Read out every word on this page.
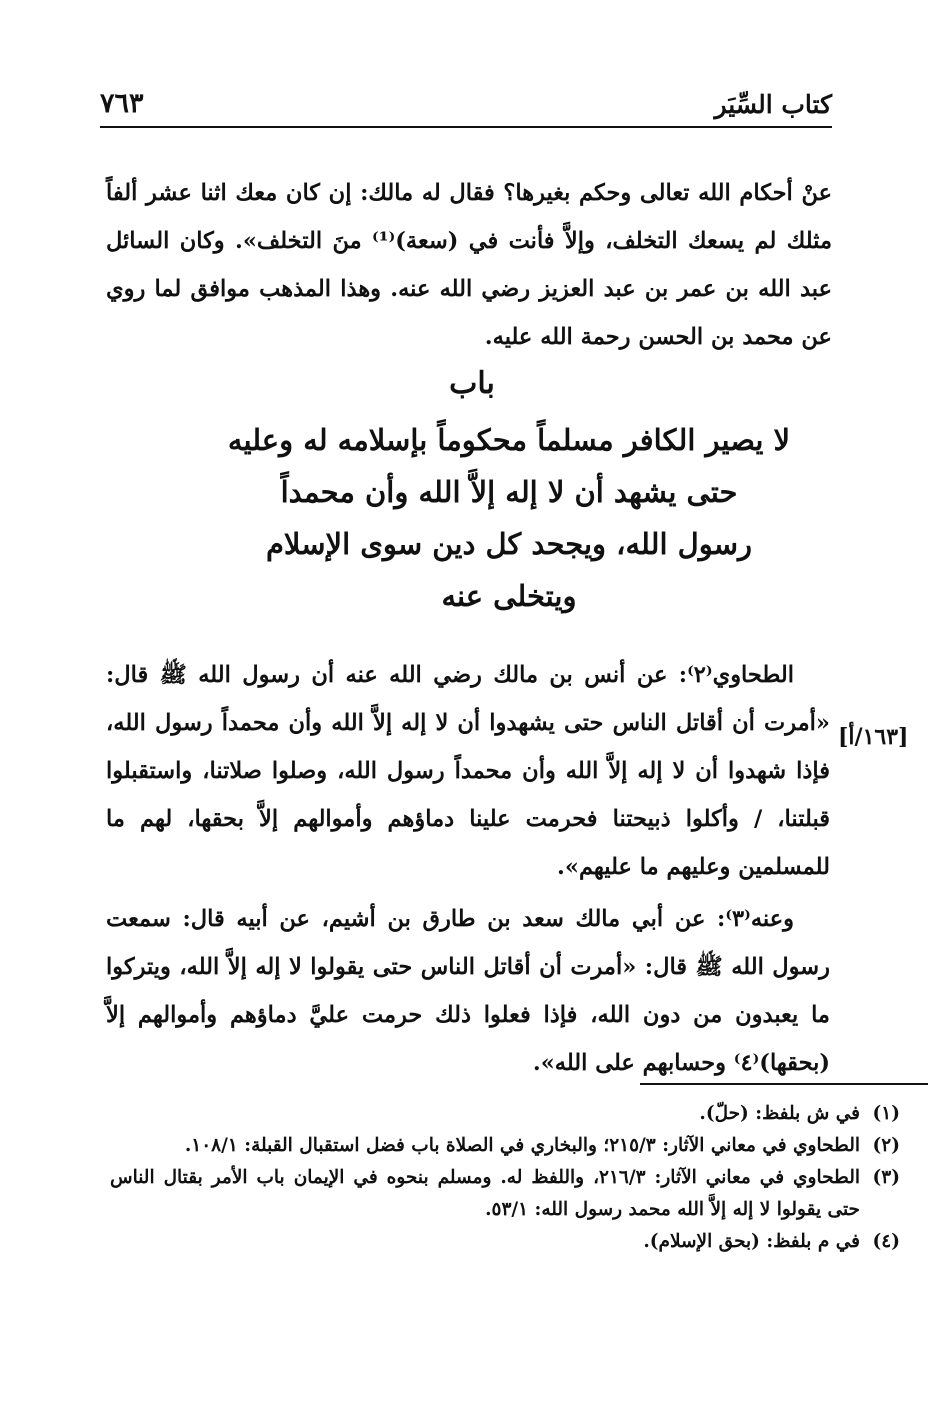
كتاب السِّيَر
٧٦٣

عنْ أحكام الله تعالى وحكم بغيرها؟ فقال له مالك: إن كان معك اثنا عشر ألفاً مثلك لم يسعك التخلف، وإلاَّ فأنت في (سعة)⁽¹⁾ منَ التخلف». وكان السائل عبد الله بن عمر بن عبد العزيز رضي الله عنه. وهذا المذهب موافق لما روي عن محمد بن الحسن رحمة الله عليه.

باب
لا يصير الكافر مسلماً محكوماً بإسلامه له وعليه
حتى يشهد أن لا إله إلاَّ الله وأن محمداً
رسول الله، ويجحد كل دين سوى الإسلام
ويتخلى عنه

الطحاوي⁽٢⁾: عن أنس بن مالك رضي الله عنه أن رسول الله ﷺ قال: «أمرت أن أقاتل الناس حتى يشهدوا أن لا إله إلاَّ الله وأن محمداً رسول الله، فإذا شهدوا أن لا إله إلاَّ الله وأن محمداً رسول الله، وصلوا صلاتنا، واستقبلوا قبلتنا، / وأكلوا ذبيحتنا فحرمت علينا دماؤهم وأموالهم إلاَّ بحقها، لهم ما للمسلمين وعليهم ما عليهم».

[١٦٣/أ]

وعنه⁽٣⁾: عن أبي مالك سعد بن طارق بن أشيم، عن أبيه قال: سمعت رسول الله ﷺ قال: «أمرت أن أقاتل الناس حتى يقولوا لا إله إلاَّ الله، ويتركوا ما يعبدون من دون الله، فإذا فعلوا ذلك حرمت عليَّ دماؤهم وأموالهم إلاَّ (بحقها)⁽٤⁾ وحسابهم على الله».

(١)
في ش بلفظ: (حلّ).
(٢)
الطحاوي في معاني الآثار: ٢١٥/٣؛ والبخاري في الصلاة باب فضل استقبال القبلة: ١٠٨/١.
(٣)
الطحاوي في معاني الآثار: ٢١٦/٣، واللفظ له. ومسلم بنحوه في الإيمان باب الأمر بقتال الناس حتى يقولوا لا إله إلاَّ الله محمد رسول الله: ٥٣/١.
(٤)
في م بلفظ: (بحق الإسلام).
